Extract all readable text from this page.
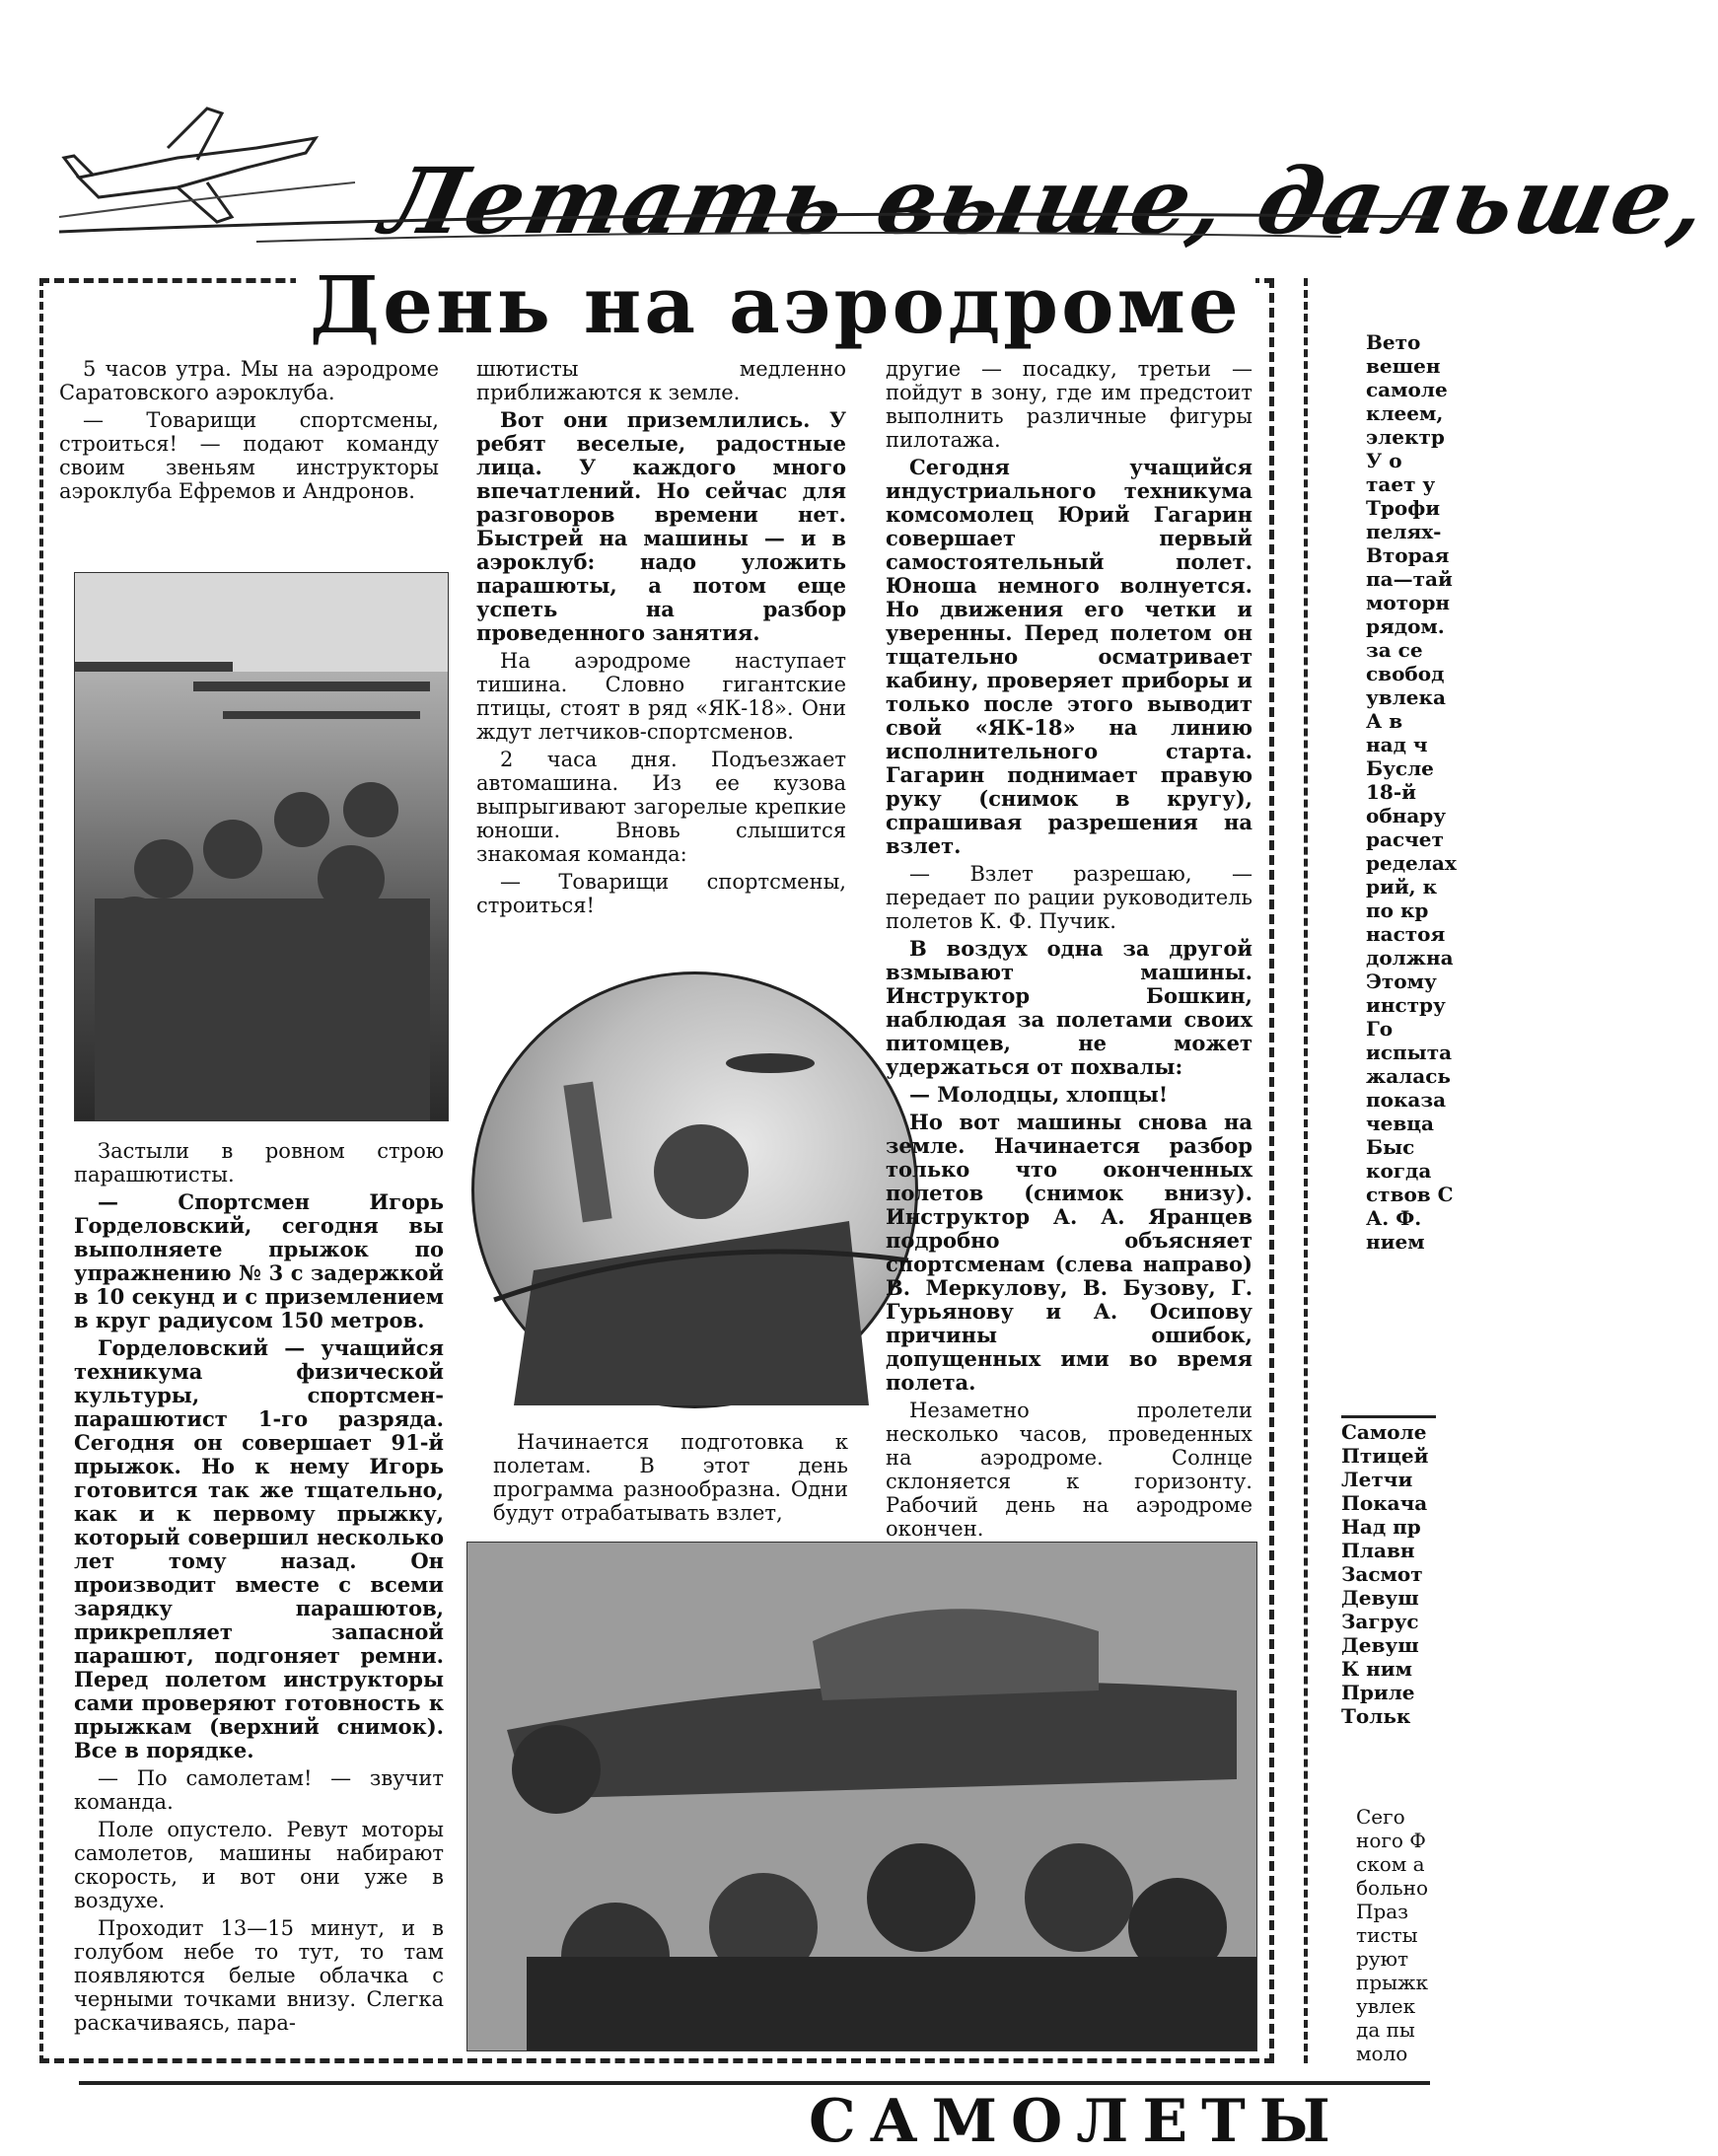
Летать выше, дальше,
День на аэродроме

5 часов утра. Мы на аэродроме Саратовского аэроклуба.

— Товарищи спортсмены, строиться! — подают команду своим звеньям инструкторы аэроклуба Ефремов и Андронов.

Застыли в ровном строю парашютисты.

— Спортсмен Игорь Горделовский, сегодня вы выполняете прыжок по упражнению № 3 с задержкой в 10 секунд и с приземлением в круг радиусом 150 метров.

Горделовский — учащийся техникума физической культуры, спортсмен-парашютист 1-го разряда. Сегодня он совершает 91-й прыжок. Но к нему Игорь готовится так же тщательно, как и к первому прыжку, который совершил несколько лет тому назад. Он производит вместе с всеми зарядку парашютов, прикрепляет запасной парашют, подгоняет ремни. Перед полетом инструкторы сами проверяют готовность к прыжкам (верхний снимок). Все в порядке.

— По самолетам! — звучит команда.

Поле опустело. Ревут моторы самолетов, машины набирают скорость, и вот они уже в воздухе.

Проходит 13—15 минут, и в голубом небе то тут, то там появляются белые облачка с черными точками внизу. Слегка раскачиваясь, пара-

шютисты медленно приближаются к земле.

Вот они приземлились. У ребят веселые, радостные лица. У каждого много впечатлений. Но сейчас для разговоров времени нет. Быстрей на машины — и в аэроклуб: надо уложить парашюты, а потом еще успеть на разбор проведенного занятия.

На аэродроме наступает тишина. Словно гигантские птицы, стоят в ряд «ЯК-18». Они ждут летчиков-спортсменов.

2 часа дня. Подъезжает автомашина. Из ее кузова выпрыгивают загорелые крепкие юноши. Вновь слышится знакомая команда:

— Товарищи спортсмены, строиться!

Начинается подготовка к полетам. В этот день программа разнообразна. Одни будут отрабатывать взлет,

другие — посадку, третьи — пойдут в зону, где им предстоит выполнить различные фигуры пилотажа.

Сегодня учащийся индустриального техникума комсомолец Юрий Гагарин совершает первый самостоятельный полет. Юноша немного волнуется. Но движения его четки и уверенны. Перед полетом он тщательно осматривает кабину, проверяет приборы и только после этого выводит свой «ЯК-18» на линию исполнительного старта. Гагарин поднимает правую руку (снимок в кругу), спрашивая разрешения на взлет.

— Взлет разрешаю, — передает по рации руководитель полетов К. Ф. Пучик.

В воздух одна за другой взмывают машины. Инструктор Бошкин, наблюдая за полетами своих питомцев, не может удержаться от похвалы:

— Молодцы, хлопцы!

Но вот машины снова на земле. Начинается разбор только что оконченных полетов (снимок внизу). Инструктор А. А. Яранцев подробно объясняет спортсменам (слева направо) В. Меркулову, В. Бузову, Г. Гурьянову и А. Осипову причины ошибок, допущенных ими во время полета.

Незаметно пролетели несколько часов, проведенных на аэродроме. Солнце склоняется к горизонту. Рабочий день на аэродроме окончен.

Вето
вешен
самоле
клеем,
электр
У о
тает у
Трофи
пелях-
Вторая
па—тай
моторн
рядом.
за се
свобод
увлека
А в
над ч
Бусле
18-й
обнару
расчет
ределах
рий, к
по кр
настоя
должна
Этому
инстру
Го
испыта
жалась
показа
чевца
Быс
когда
ствов С
А. Ф.
нием
Самоле
Птицей
Летчи
Покача
Над пр
Плавн
Засмот
Девуш
Загрус
Девуш
К ним
Приле
Тольк
Сего
ного Ф
ском а
больно
Праз
тисты
руют
прыжк
увлек
да пы
моло
САМОЛЕТЫ
